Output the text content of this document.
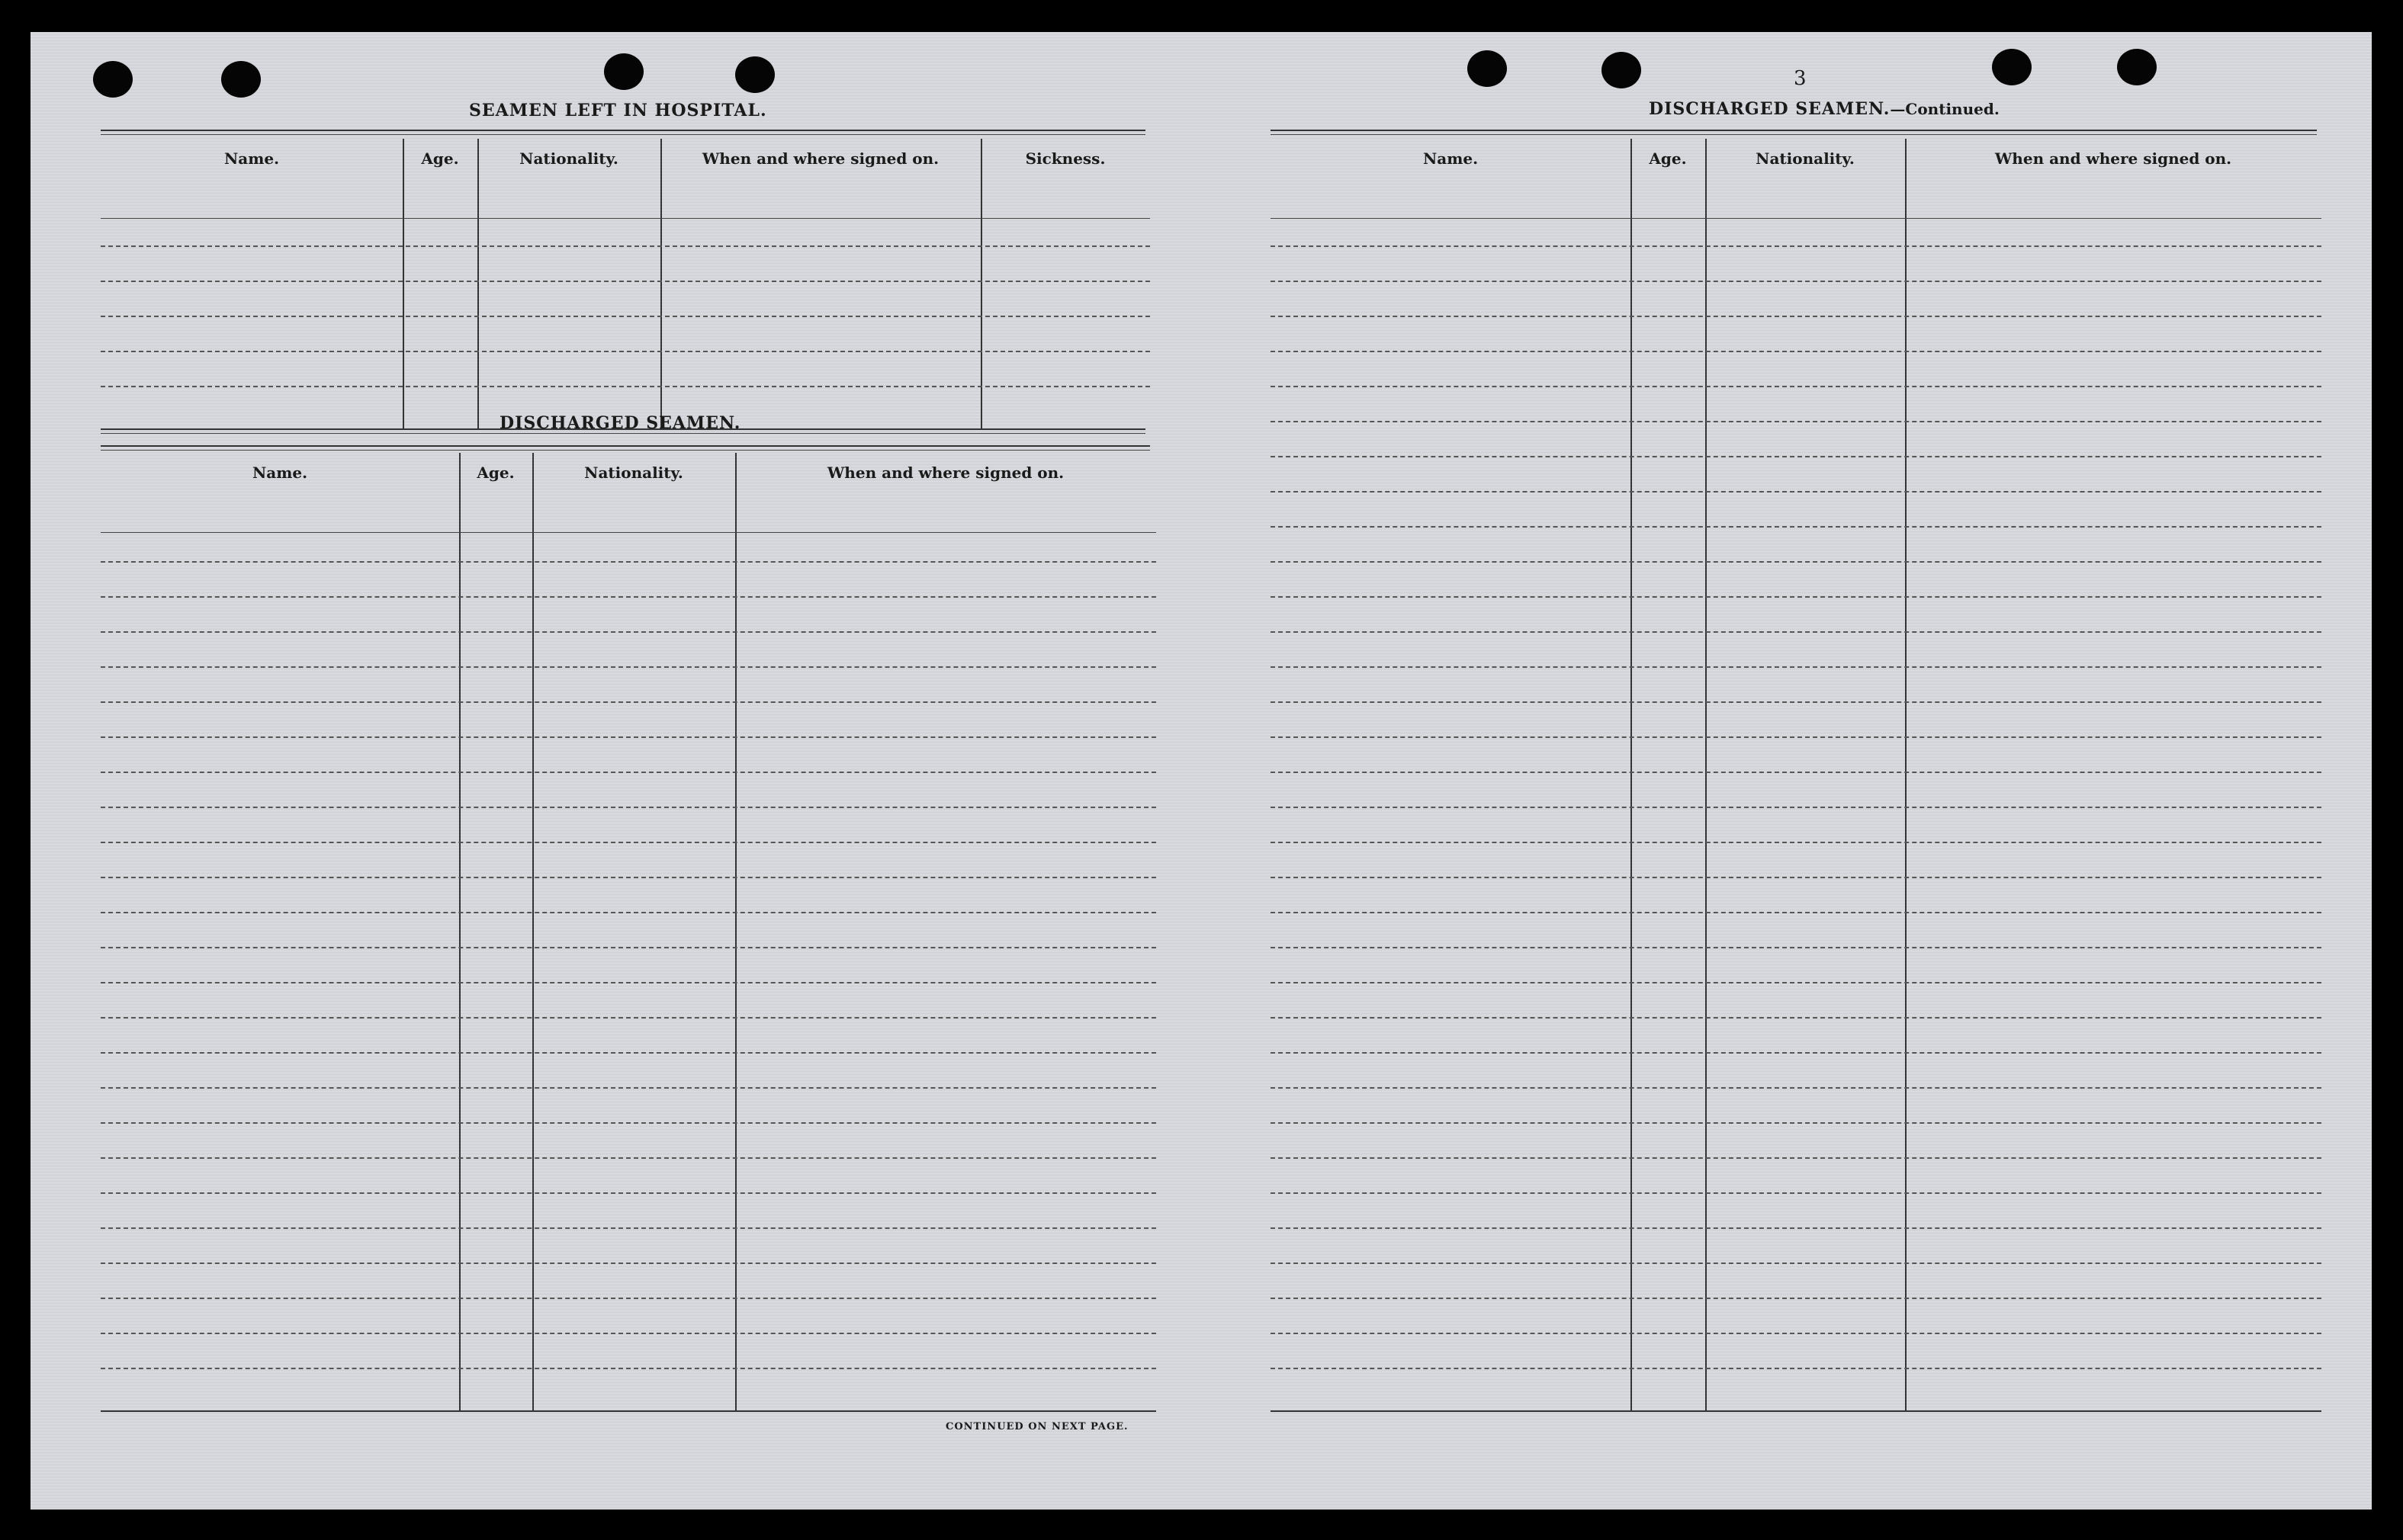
3
SEAMEN LEFT IN HOSPITAL.
Name.	Age.	Nationality.	When and where signed on.	Sickness.
DISCHARGED SEAMEN.
Name.	Age.	Nationality.	When and where signed on.
CONTINUED ON NEXT PAGE.
DISCHARGED SEAMEN.—Continued.
Name.	Age.	Nationality.	When and where signed on.
